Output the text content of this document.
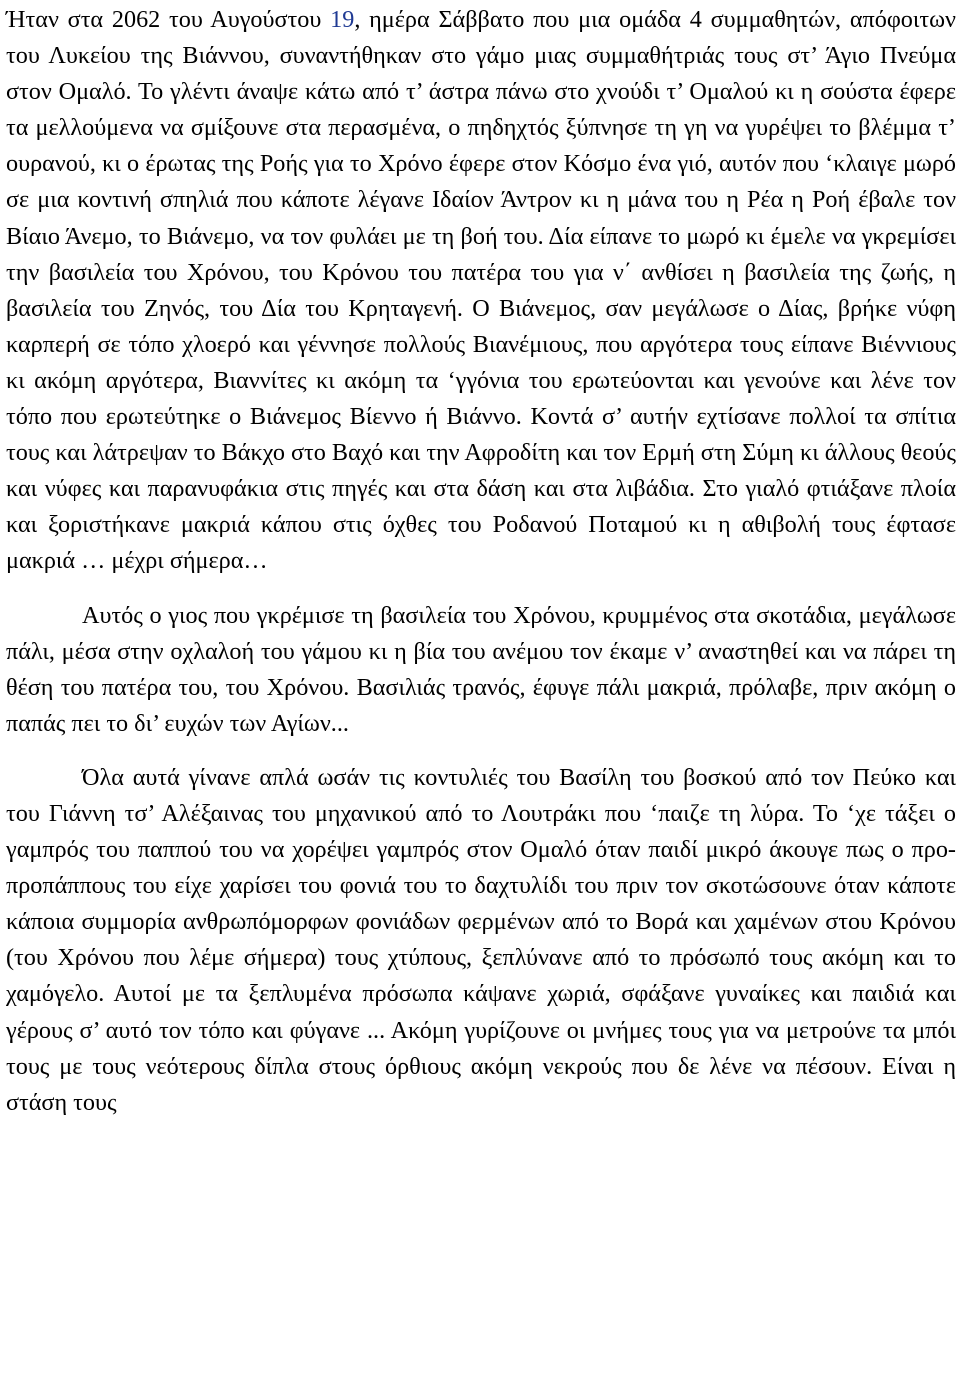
Ήταν στα 2062 του Αυγούστου 19, ημέρα Σάββατο που μια ομάδα 4 συμμαθητών, απόφοιτων του Λυκείου της Βιάννου, συναντήθηκαν στο γάμο μιας συμμαθήτριάς τους στ’ Άγιο Πνεύμα στον Ομαλό. Το γλέντι άναψε κάτω από τ’ άστρα πάνω στο χνούδι τ’ Ομαλού κι η σούστα έφερε τα μελλούμενα να σμίξουνε στα περασμένα, ο πηδηχτός ξύπνησε τη γη να γυρέψει το βλέμμα τ’ ουρανού, κι ο έρωτας της Ροής για το Χρόνο έφερε στον Κόσμο ένα γιό, αυτόν που ‘κλαιγε μωρό σε μια κοντινή σπηλιά που κάποτε λέγανε Ιδαίον Άντρον κι η μάνα του η Ρέα η Ροή έβαλε τον Βίαιο Άνεμο, το Βιάνεμο, να τον φυλάει με τη βοή του. Δία είπανε το μωρό κι έμελε να γκρεμίσει την βασιλεία του Χρόνου, του Κρόνου του πατέρα του για ν΄ ανθίσει η βασιλεία της ζωής, η βασιλεία του Ζηνός, του Δία του Κρηταγενή. Ο Βιάνεμος, σαν μεγάλωσε ο Δίας, βρήκε νύφη καρπερή σε τόπο χλοερό και γέννησε πολλούς Βιανέμιους, που αργότερα τους είπανε Βιέννιους κι ακόμη αργότερα, Βιαννίτες κι ακόμη τα ‘γγόνια του ερωτεύονται και γενούνε και λένε τον τόπο που ερωτεύτηκε ο Βιάνεμος Βίεννο ή Βιάννο. Κοντά σ’ αυτήν εχτίσανε πολλοί τα σπίτια τους και λάτρεψαν το Βάκχο στο Βαχό και την Αφροδίτη και τον Ερμή στη Σύμη κι άλλους θεούς και νύφες και παρανυφάκια στις πηγές και στα δάση και στα λιβάδια. Στο γιαλό φτιάξανε πλοία και ξοριστήκανε μακριά κάπου στις όχθες του Ροδανού Ποταμού κι η αθιβολή τους έφτασε μακριά … μέχρι σήμερα…

Αυτός ο γιος που γκρέμισε τη βασιλεία του Χρόνου, κρυμμένος στα σκοτάδια, μεγάλωσε πάλι, μέσα στην οχλαλοή του γάμου κι η βία του ανέμου τον έκαμε ν’ αναστηθεί και να πάρει τη θέση του πατέρα του, του Χρόνου. Βασιλιάς τρανός, έφυγε πάλι μακριά, πρόλαβε, πριν ακόμη ο παπάς πει το δι’ ευχών των Αγίων...

Όλα αυτά γίνανε απλά ωσάν τις κοντυλιές του Βασίλη του βοσκού από τον Πεύκο και του Γιάννη τσ’ Αλέξαινας του μηχανικού από το Λουτράκι που ‘παιζε τη λύρα. Το ‘χε τάξει ο γαμπρός του παππού του να χορέψει γαμπρός στον Ομαλό όταν παιδί μικρό άκουγε πως ο προ-προπάππους του είχε χαρίσει του φονιά του το δαχτυλίδι του πριν τον σκοτώσουνε όταν κάποτε κάποια συμμορία ανθρωπόμορφων φονιάδων φερμένων από το Βορά και χαμένων στου Κρόνου (του Χρόνου που λέμε σήμερα) τους χτύπους, ξεπλύνανε από το πρόσωπό τους ακόμη και το χαμόγελο. Αυτοί με τα ξεπλυμένα πρόσωπα κάψανε χωριά, σφάξανε γυναίκες και παιδιά και γέρους σ’ αυτό τον τόπο και φύγανε ... Ακόμη γυρίζουνε οι μνήμες τους για να μετρούνε τα μπόι τους με τους νεότερους δίπλα στους όρθιους ακόμη νεκρούς που δε λένε να πέσουν. Είναι η στάση τους
